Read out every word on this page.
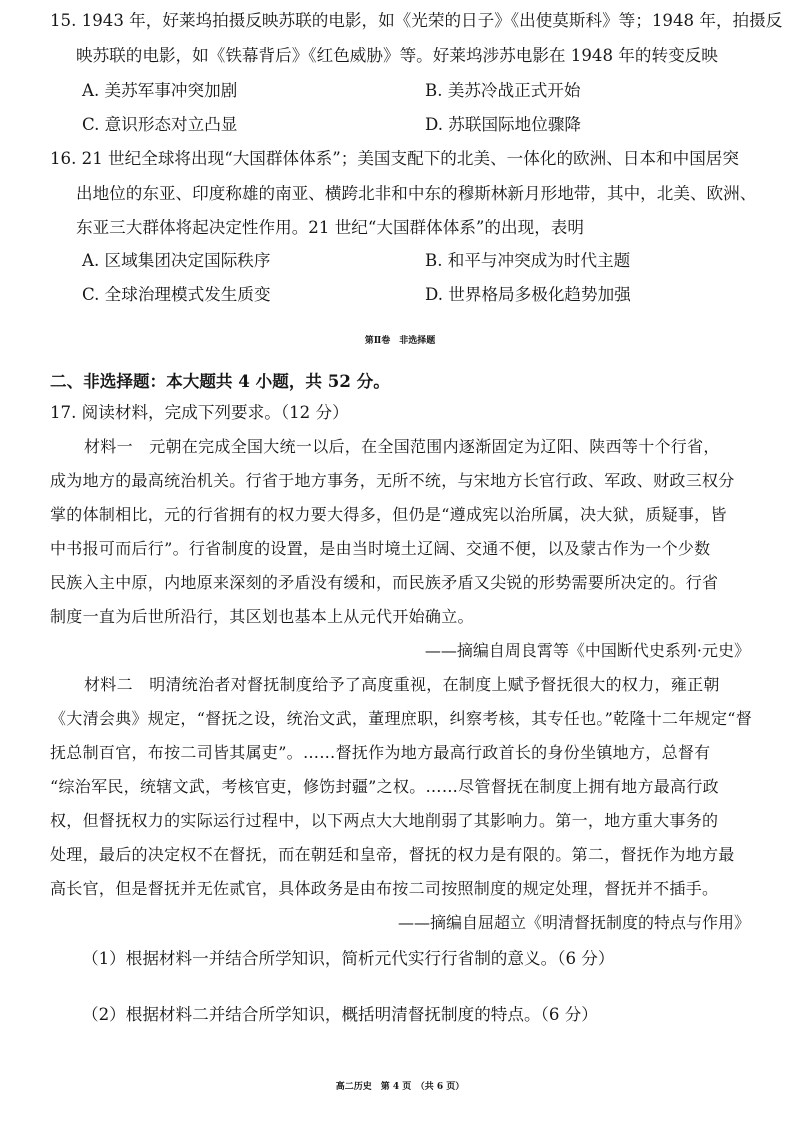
15. 1943 年，好莱坞拍摄反映苏联的电影，如《光荣的日子》《出使莫斯科》等；1948 年，拍摄反
映苏联的电影，如《铁幕背后》《红色威胁》等。好莱坞涉苏电影在 1948 年的转变反映
A. 美苏军事冲突加剧	B. 美苏冷战正式开始
C. 意识形态对立凸显	D. 苏联国际地位骤降
16. 21 世纪全球将出现“大国群体体系”；美国支配下的北美、一体化的欧洲、日本和中国居突
出地位的东亚、印度称雄的南亚、横跨北非和中东的穆斯林新月形地带，其中，北美、欧洲、
东亚三大群体将起决定性作用。21 世纪“大国群体体系”的出现，表明
A. 区域集团决定国际秩序	B. 和平与冲突成为时代主题
C. 全球治理模式发生质变	D. 世界格局多极化趋势加强
第Ⅱ卷　非选择题
二、非选择题：本大题共 4 小题，共 52 分。
17. 阅读材料，完成下列要求。（12 分）
材料一　元朝在完成全国大统一以后，在全国范围内逐渐固定为辽阳、陕西等十个行省，
成为地方的最高统治机关。行省于地方事务，无所不统，与宋地方长官行政、军政、财政三权分
掌的体制相比，元的行省拥有的权力要大得多，但仍是“遵成宪以治所属，决大狱，质疑事，皆
中书报可而后行”。行省制度的设置，是由当时境土辽阔、交通不便，以及蒙古作为一个少数
民族入主中原，内地原来深刻的矛盾没有缓和，而民族矛盾又尖锐的形势需要所决定的。行省
制度一直为后世所沿行，其区划也基本上从元代开始确立。
——摘编自周良霄等《中国断代史系列·元史》
材料二　明清统治者对督抚制度给予了高度重视，在制度上赋予督抚很大的权力，雍正朝
《大清会典》规定，“督抚之设，统治文武，董理庶职，纠察考核，其专任也。”乾隆十二年规定“督
抚总制百官，布按二司皆其属吏”。……督抚作为地方最高行政首长的身份坐镇地方，总督有
“综治军民，统辖文武，考核官吏，修饬封疆”之权。……尽管督抚在制度上拥有地方最高行政
权，但督抚权力的实际运行过程中，以下两点大大地削弱了其影响力。第一，地方重大事务的
处理，最后的决定权不在督抚，而在朝廷和皇帝，督抚的权力是有限的。第二，督抚作为地方最
高长官，但是督抚并无佐贰官，具体政务是由布按二司按照制度的规定处理，督抚并不插手。
——摘编自屈超立《明清督抚制度的特点与作用》
（1）根据材料一并结合所学知识，简析元代实行行省制的意义。（6 分）
（2）根据材料二并结合所学知识，概括明清督抚制度的特点。（6 分）
高二历史　第 4 页　（共 6 页）
